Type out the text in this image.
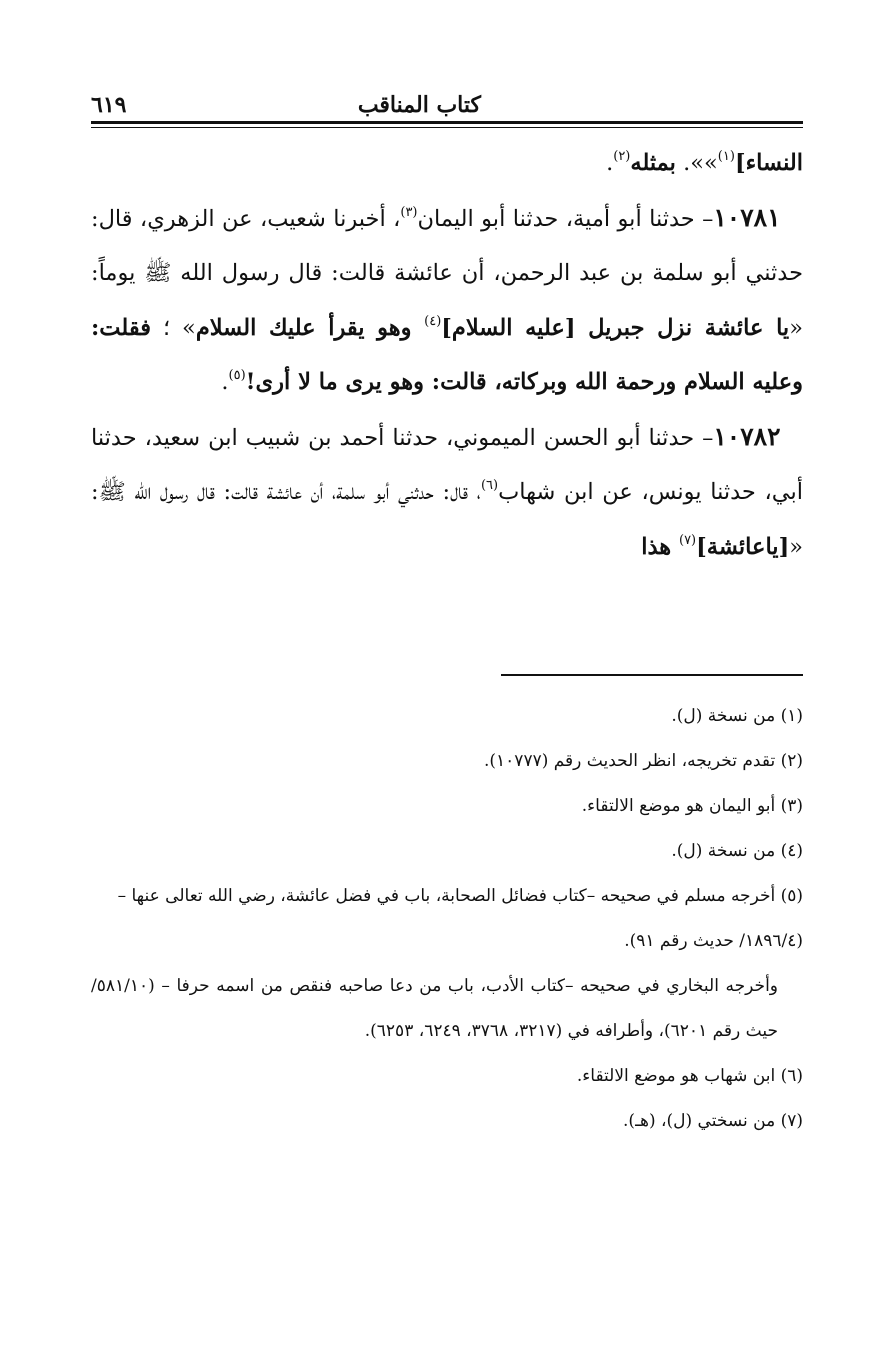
كتاب المناقب
٦١٩

النساء]$^{(١)}$»». بمثله$^{(٢)}$.

 ١٠٧٨١– حدثنا أبو أمية، حدثنا أبو اليمان$^{(٣)}$، أخبرنا شعيب، عن الزهري، قال: حدثني أبو سلمة بن عبد الرحمن، أن عائشة قالت: قال رسول الله ﷺ يوماً: «يا عائشة نزل جبريل [عليه السلام]$^{(٤)}$ وهو يقرأ عليك السلام» ؛ فقلت: وعليه السلام ورحمة الله وبركاته، قالت: وهو يرى ما لا أرى!$^{(٥)}$.

 ١٠٧٨٢– حدثنا أبو الحسن الميموني، حدثنا أحمد بن شبيب ابن سعيد، حدثنا أبي، حدثنا يونس، عن ابن شهاب$^{(٦)}$، قال: حدثني أبو سلمة، أن عائشة قالت: قال رسول الله ﷺ: «[ياعائشة]$^{(٧)}$ هذا

(١) من نسخة (ل).

(٢) تقدم تخريجه، انظر الحديث رقم (١٠٧٧٧).

(٣) أبو اليمان هو موضع الالتقاء.

(٤) من نسخة (ل).

(٥) أخرجه مسلم في صحيحه –كتاب فضائل الصحابة، باب في فضل عائشة، رضي الله تعالى عنها – (١٨٩٦/٤/ حديث رقم ٩١).

وأخرجه البخاري في صحيحه –كتاب الأدب، باب من دعا صاحبه فنقص من اسمه حرفا – (٥٨١/١٠/حيث رقم ٦٢٠١)، وأطرافه في (٣٢١٧، ٣٧٦٨، ٦٢٤٩، ٦٢٥٣).

(٦) ابن شهاب هو موضع الالتقاء.

(٧) من نسختي (ل)، (هـ).
